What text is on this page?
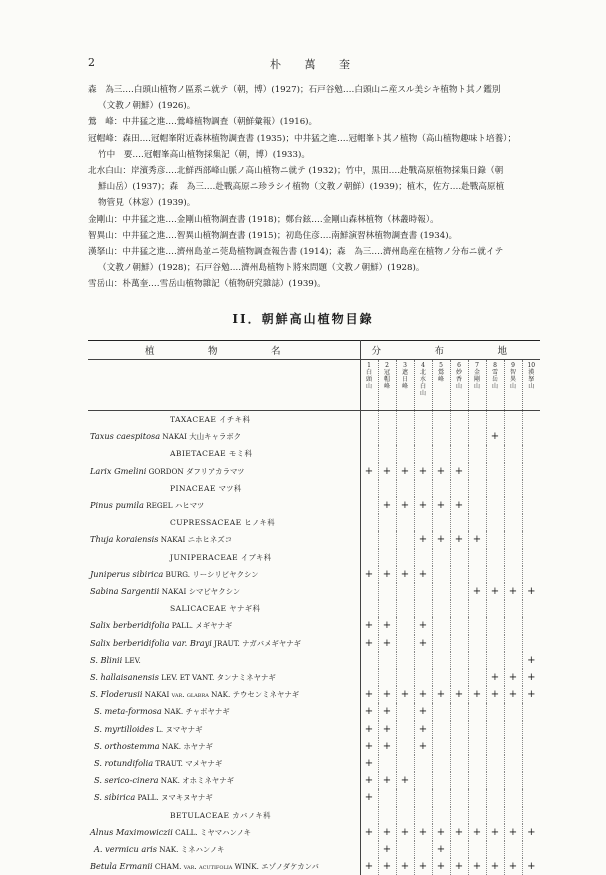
2	朴 萬 奎

森　為三‥‥白頭山植物ノ區系ニ就テ（朝，博）(1927)；石戸谷勉‥‥白頭山ニ産スル美シキ植物ト其ノ鑑別

（文教ノ朝鮮）(1926)。

鶯　峰：中井猛之進‥‥鶯峰植物調査（朝鮮彙報）(1916)。

冠帽峰：森田‥‥冠帽峯附近森林植物調査書 (1935)；中井猛之進‥‥冠帽峯ト其ノ植物（高山植物趣味ト培養）；

竹中　要‥‥冠帽峯高山植物採集記（朝，博）(1933)。

北水白山：岸濱秀彦‥‥北鮮西部峰山脈ノ高山植物ニ就テ (1932)；竹中，黒田‥‥赴戰高原植物採集日錄（朝

鮮山岳）(1937)；森　為三‥‥赴戰高原ニ珍ラシイ植物（文教ノ朝鮮）(1939)；植木，佐方‥‥赴戰高原植

物管見（林窓）(1939)。

金剛山：中井猛之進‥‥金剛山植物調査書 (1918)；鄭台鉉‥‥金剛山森林植物（林叢時報）。

智異山：中井猛之進‥‥智異山植物調査書 (1915)；初島住彦‥‥南鮮演習林植物調査書 (1934)。

漢拏山：中井猛之進‥‥濟州島並ニ莞島植物調查報告書 (1914)；森　為三‥‥濟州島産在植物ノ分布ニ就イテ

（文教ノ朝鮮）(1928)；石戸谷勉‥‥濟州島植物ト將來問題（文教ノ朝鮮）(1928)。

雪岳山：朴萬奎‥‥雪岳山植物雜記（植物研究雜誌）(1939)。

II．朝鮮高山植物目錄
植　物　名	分　布　地									
	1白頭山	2冠帽峰	3遮日峰	4北水白山	5鶯峰	6妙香山	7金剛山	8雪岳山	9智異山	10漢拏山
TAXACEAE イチキ科										
Taxus caespitosa NAKAI 大山キャラボク								+		
ABIETACEAE モミ科										
Larix Gmelini GORDON ダフリアカラマツ	+	+	+	+	+	+				
PINACEAE マツ科										
Pinus pumila REGEL ハヒマツ		+	+	+	+	+				
CUPRESSACEAE ヒノキ科										
Thuja koraiensis NAKAI ニホヒネズコ				+	+	+	+			
JUNIPERACEAE イブキ科										
Juniperus sibirica BURG. リーシリビヤクシン	+	+	+	+						
Sabina Sargentii NAKAI シマビヤクシン							+	+	+	+
SALICACEAE ヤナギ科										
Salix berberidifolia PALL. メギヤナギ	+	+		+						
Salix berberidifolia var. Brayi JRAUT. ナガバメギヤナギ	+	+		+						
S. Blinii LEV.										+
S. hallaisanensis LEV. ET VANT. タンナミネヤナギ								+	+	+
S. Floderusii NAKAI var. glabra NAK. テウセンミネヤナギ	+	+	+	+	+	+	+	+	+	+
S. meta-formosa NAK. チャボヤナギ	+	+		+						
S. myrtilloides L. ヌマヤナギ	+	+		+						
S. orthostemma NAK. ホヤナギ	+	+		+						
S. rotundifolia TRAUT. マメヤナギ	+									
S. serico-cinera NAK. オホミネヤナギ	+	+	+							
S. sibirica PALL. ヌマキヌヤナギ	+									
BETULACEAE カバノキ科										
Alnus Maximowiczii CALL. ミヤマハンノキ	+	+	+	+	+	+	+	+	+	+
A. vermicu aris NAK. ミネハンノキ		+			+					
Betula Ermanii CHAM. var. acutifolia WINK. エゾノダケカンバ	+	+	+	+	+	+	+	+	+	+
